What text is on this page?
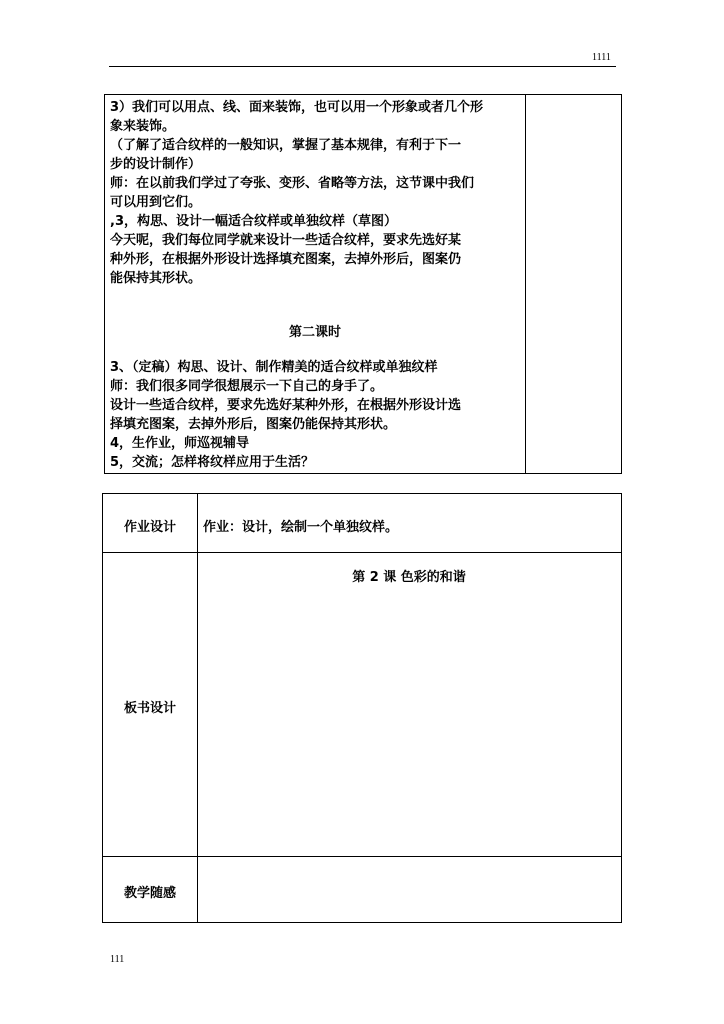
1111

3）我们可以用点、线、面来装饰，也可以用一个形象或者几个形

象来装饰。

（了解了适合纹样的一般知识，掌握了基本规律，有利于下一

步的设计制作）

师：在以前我们学过了夸张、变形、省略等方法，这节课中我们

可以用到它们。

,3，构思、设计一幅适合纹样或单独纹样（草图）

今天呢，我们每位同学就来设计一些适合纹样，要求先选好某

种外形，在根据外形设计选择填充图案，去掉外形后，图案仍

能保持其形状。

第二课时

3、（定稿）构思、设计、制作精美的适合纹样或单独纹样

师：我们很多同学很想展示一下自己的身手了。

设计一些适合纹样，要求先选好某种外形，在根据外形设计选

择填充图案，去掉外形后，图案仍能保持其形状。

4，生作业，师巡视辅导

5，交流；怎样将纹样应用于生活？

作业设计	作业：设计，绘制一个单独纹样。
第 2 课 色彩的和谐
板书设计
教学随感
111
